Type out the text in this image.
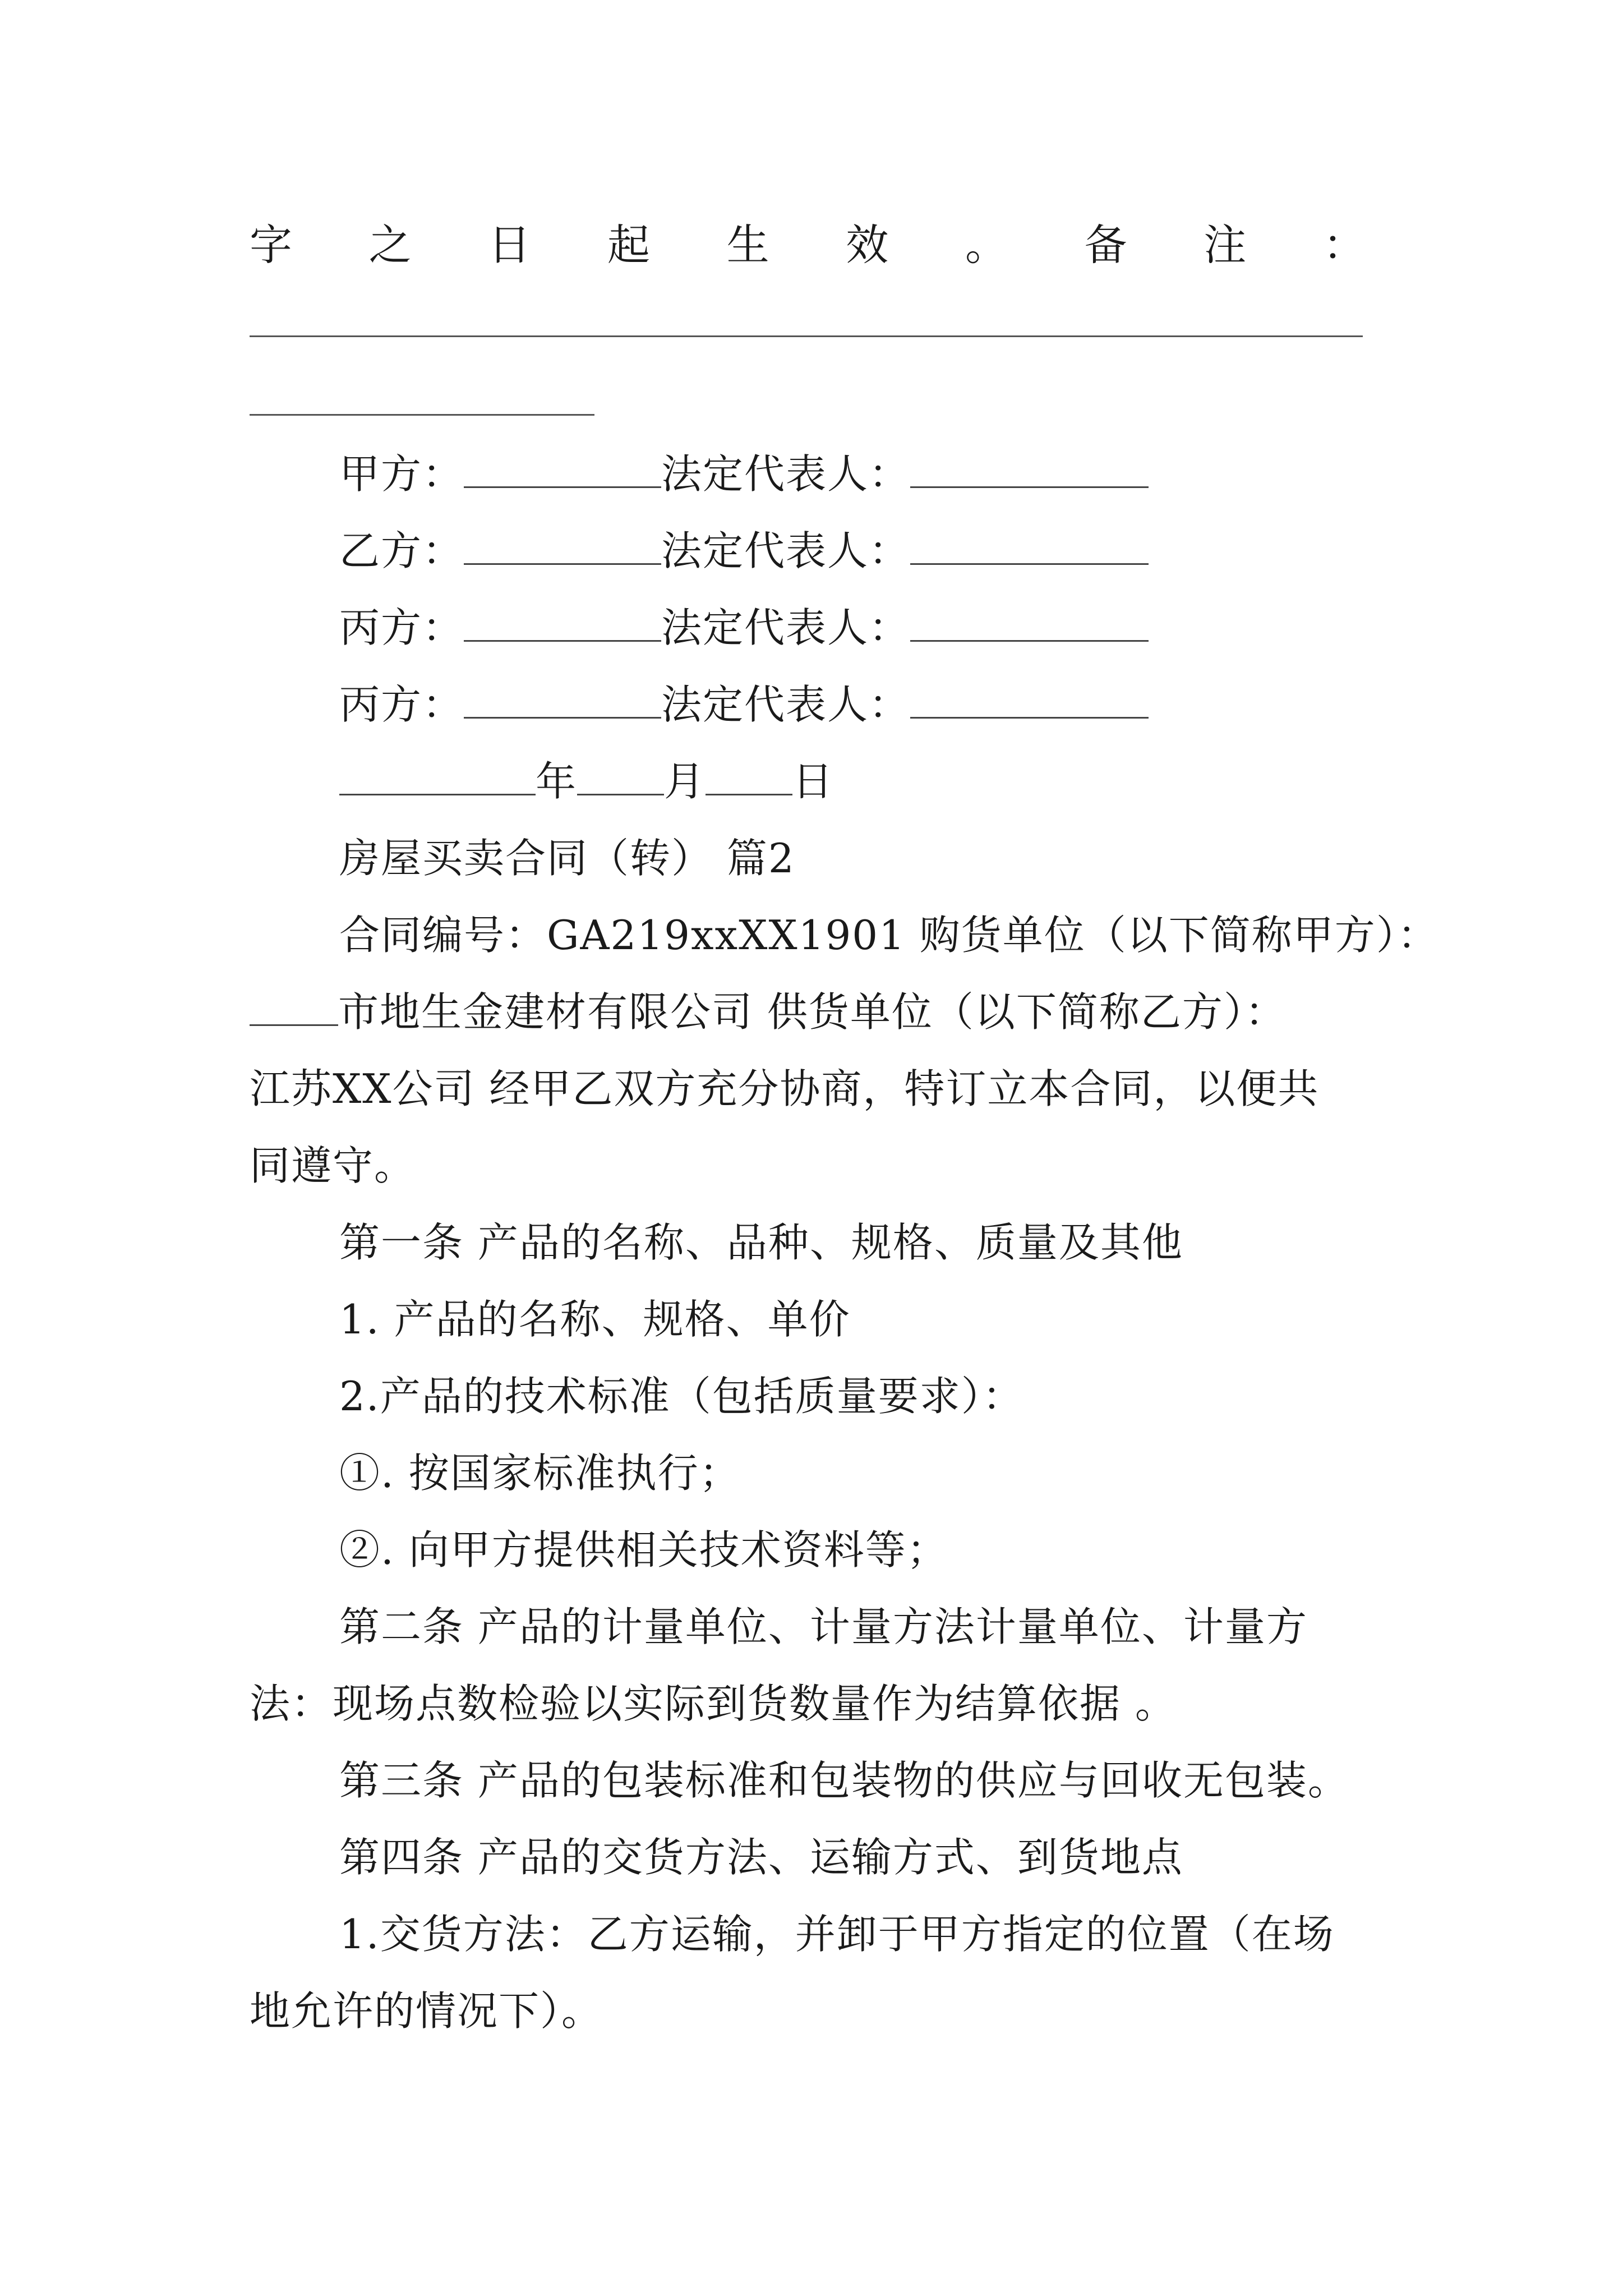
字 之 日 起 生 效 。 备 注 ：
甲方：	法定代表人：
乙方：	法定代表人：
丙方：	法定代表人：
丙方：	法定代表人：
年 月 日
房屋买卖合同（转） 篇2
合同编号：GA219xxXX1901 购货单位（以下简称甲方）：
市地生金建材有限公司 供货单位（以下简称乙方）：
江苏XX公司 经甲乙双方充分协商，特订立本合同，以便共
同遵守。
第一条 产品的名称、品种、规格、质量及其他
1. 产品的名称、规格、单价
2.产品的技术标准（包括质量要求）：
①. 按国家标准执行；
②. 向甲方提供相关技术资料等；
第二条 产品的计量单位、计量方法计量单位、计量方
法：现场点数检验以实际到货数量作为结算依据 。
第三条 产品的包装标准和包装物的供应与回收无包装。
第四条 产品的交货方法、运输方式、到货地点
1.交货方法：乙方运输，并卸于甲方指定的位置（在场
地允许的情况下）。
